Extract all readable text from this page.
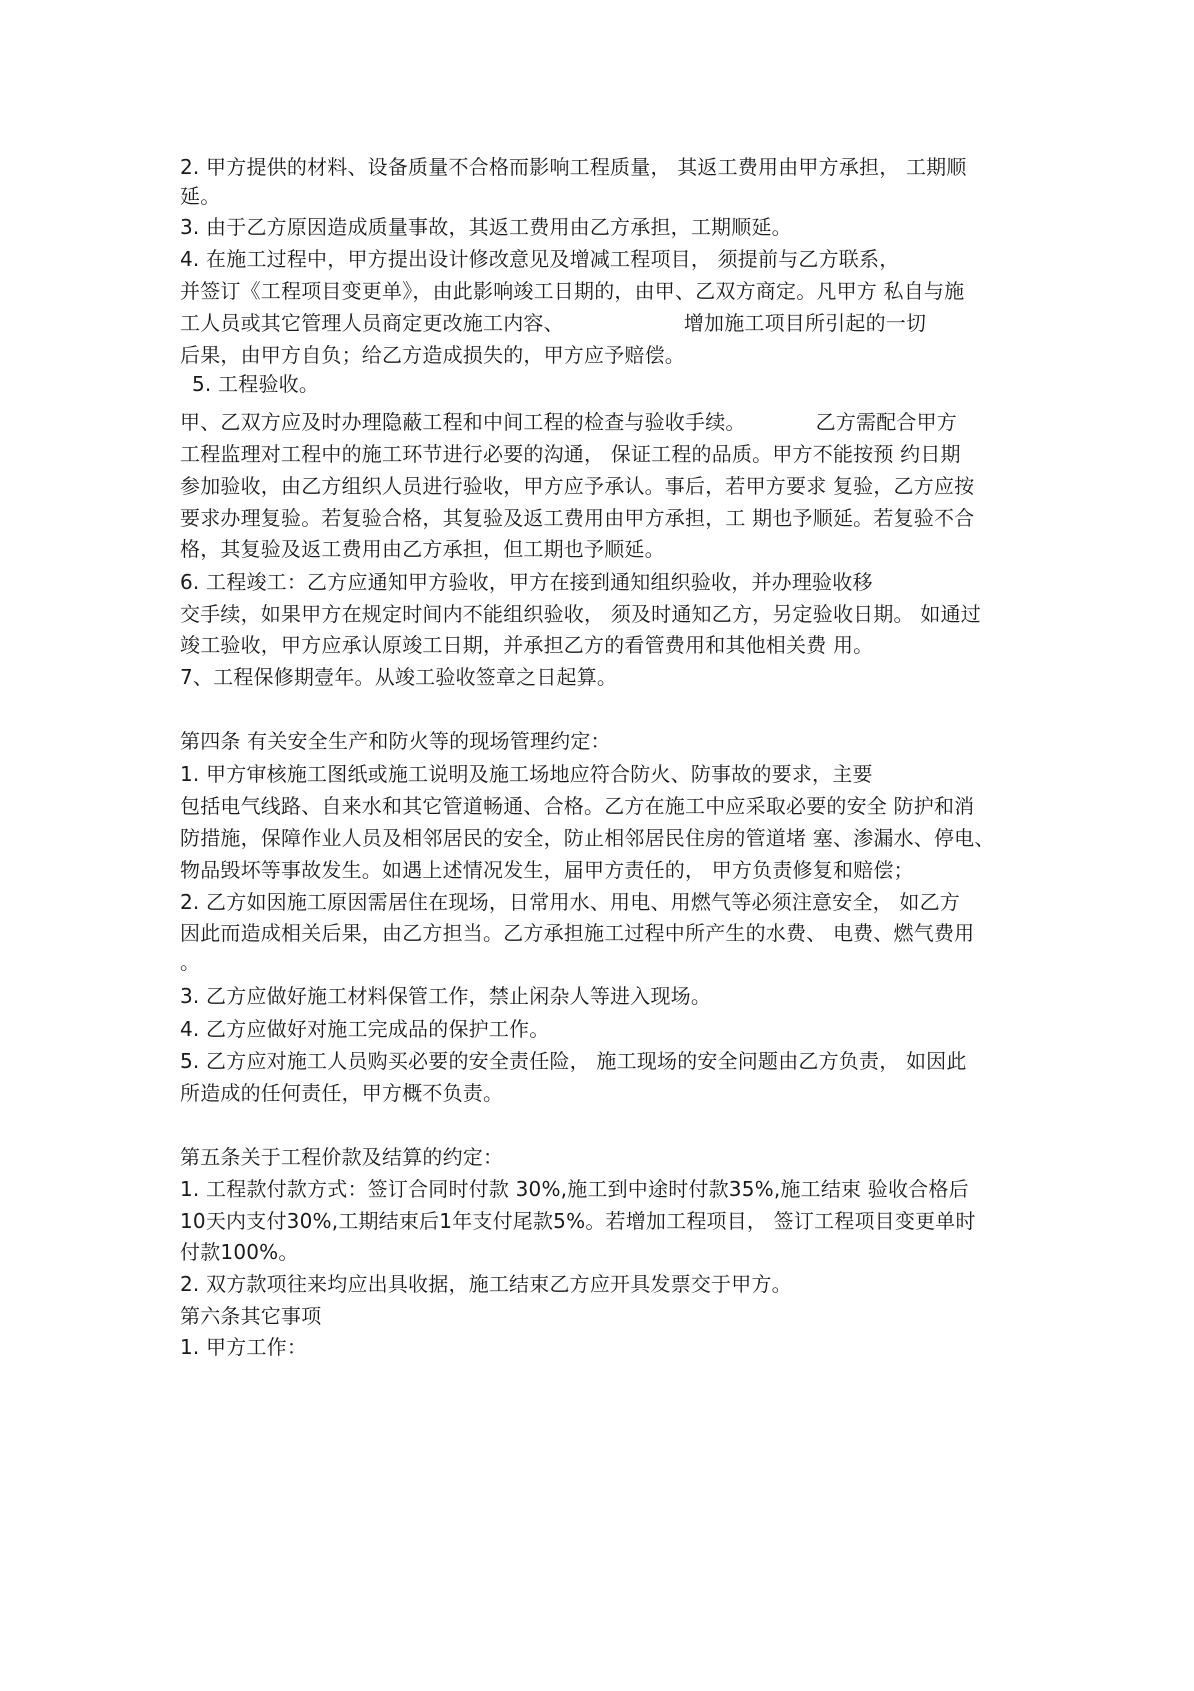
2. 甲方提供的材料、设备质量不合格而影响工程质量， 其返工费用由甲方承担， 工期顺
延。
3. 由于乙方原因造成质量事故，其返工费用由乙方承担，工期顺延。
4. 在施工过程中，甲方提出设计修改意见及增减工程项目， 须提前与乙方联系，
并签订《工程项目变更单》，由此影响竣工日期的，由甲、乙双方商定。凡甲方 私自与施
工人员或其它管理人员商定更改施工内容、	增加施工项目所引起的一切
后果，由甲方自负；给乙方造成损失的，甲方应予赔偿。
5. 工程验收。
甲、乙双方应及时办理隐蔽工程和中间工程的检查与验收手续。	乙方需配合甲方
工程监理对工程中的施工环节进行必要的沟通， 保证工程的品质。甲方不能按预 约日期
参加验收，由乙方组织人员进行验收，甲方应予承认。事后，若甲方要求 复验，乙方应按
要求办理复验。若复验合格，其复验及返工费用由甲方承担，工 期也予顺延。若复验不合
格，其复验及返工费用由乙方承担，但工期也予顺延。
6. 工程竣工：乙方应通知甲方验收，甲方在接到通知组织验收，并办理验收移
交手续，如果甲方在规定时间内不能组织验收， 须及时通知乙方，另定验收日期。 如通过
竣工验收，甲方应承认原竣工日期，并承担乙方的看管费用和其他相关费 用。
7、工程保修期壹年。从竣工验收签章之日起算。
第四条 有关安全生产和防火等的现场管理约定：
1. 甲方审核施工图纸或施工说明及施工场地应符合防火、防事故的要求，主要
包括电气线路、自来水和其它管道畅通、合格。乙方在施工中应采取必要的安全 防护和消
防措施，保障作业人员及相邻居民的安全，防止相邻居民住房的管道堵 塞、渗漏水、停电、
物品毁坏等事故发生。如遇上述情况发生，届甲方责任的， 甲方负责修复和赔偿；
2. 乙方如因施工原因需居住在现场，日常用水、用电、用燃气等必须注意安全， 如乙方
因此而造成相关后果，由乙方担当。乙方承担施工过程中所产生的水费、 电费、燃气费用
。
3. 乙方应做好施工材料保管工作，禁止闲杂人等进入现场。
4. 乙方应做好对施工完成品的保护工作。
5. 乙方应对施工人员购买必要的安全责任险， 施工现场的安全问题由乙方负责， 如因此
所造成的任何责任，甲方概不负责。
第五条关于工程价款及结算的约定：
1. 工程款付款方式：签订合同时付款 30%,施工到中途时付款35%,施工结束 验收合格后
10天内支付30%,工期结束后1年支付尾款5%。若增加工程项目， 签订工程项目变更单时
付款100%。
2. 双方款项往来均应出具收据，施工结束乙方应开具发票交于甲方。
第六条其它事项
1. 甲方工作：
